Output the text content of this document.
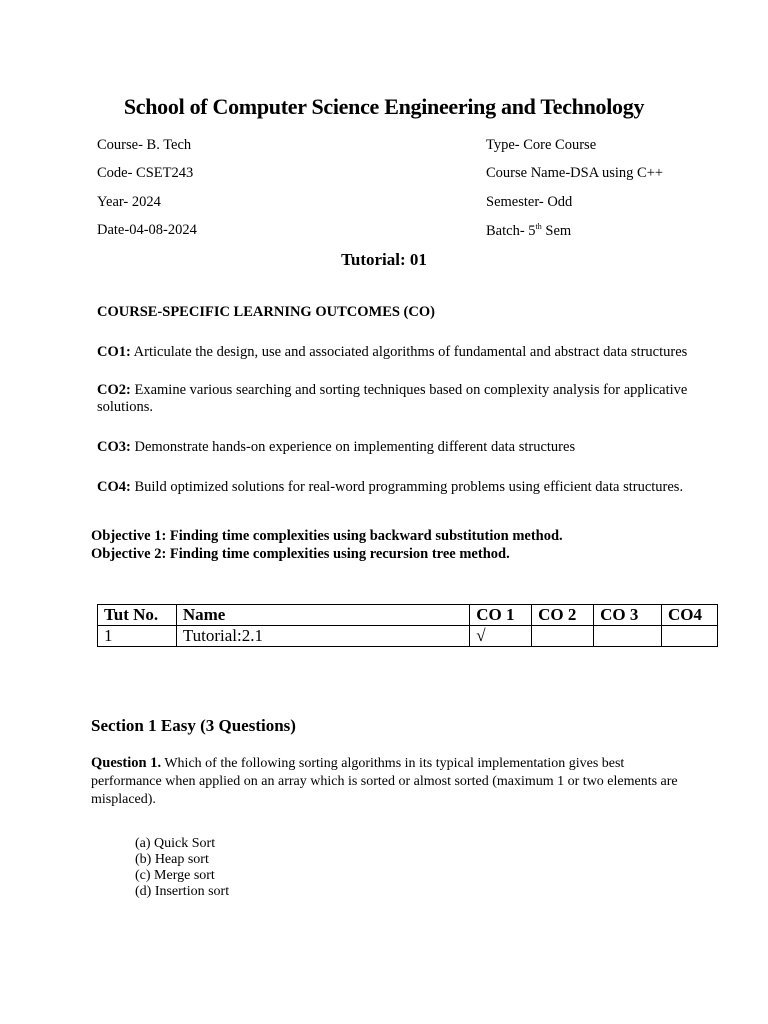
School of Computer Science Engineering and Technology
Course- B. Tech
Code- CSET243
Year- 2024
Date-04-08-2024
Type- Core Course
Course Name-DSA using C++
Semester- Odd
Batch- 5th Sem
Tutorial: 01
COURSE-SPECIFIC LEARNING OUTCOMES (CO)
CO1: Articulate the design, use and associated algorithms of fundamental and abstract data structures
CO2: Examine various searching and sorting techniques based on complexity analysis for applicative solutions.
CO3: Demonstrate hands-on experience on implementing different data structures
CO4: Build optimized solutions for real-word programming problems using efficient data structures.
Objective 1: Finding time complexities using backward substitution method.
Objective 2: Finding time complexities using recursion tree method.
Tut No.	Name	CO 1	CO 2	CO 3	CO4
1	Tutorial:2.1	√			
Section 1 Easy (3 Questions)
Question 1. Which of the following sorting algorithms in its typical implementation gives best performance when applied on an array which is sorted or almost sorted (maximum 1 or two elements are misplaced).
(a) Quick Sort
(b) Heap sort
(c) Merge sort
(d) Insertion sort
